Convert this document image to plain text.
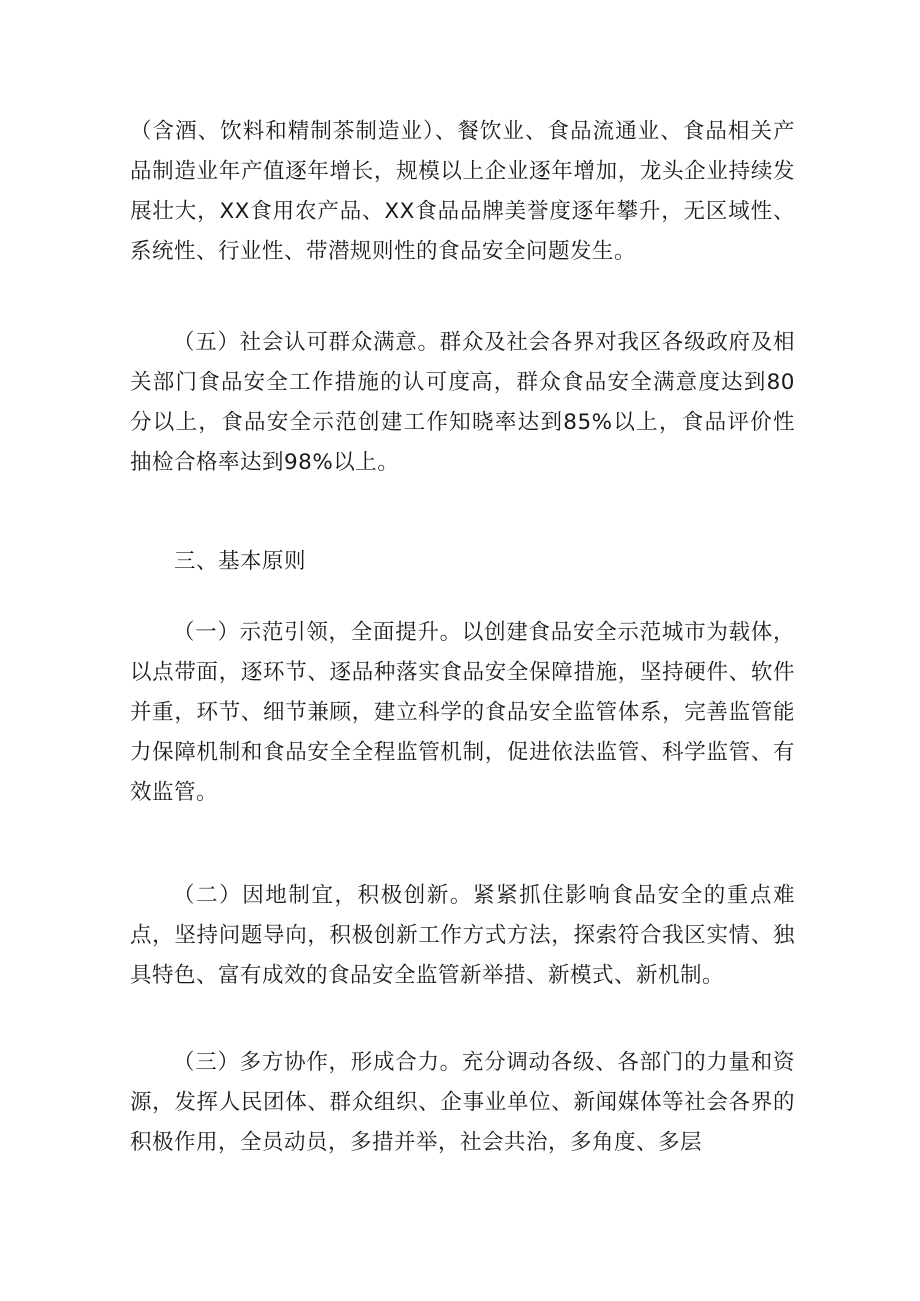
（含酒、饮料和精制茶制造业）、餐饮业、食品流通业、食品相关产品制造业年产值逐年增长，规模以上企业逐年增加，龙头企业持续发展壮大，XX食用农产品、XX食品品牌美誉度逐年攀升，无区域性、系统性、行业性、带潜规则性的食品安全问题发生。

（五）社会认可群众满意。群众及社会各界对我区各级政府及相关部门食品安全工作措施的认可度高，群众食品安全满意度达到80分以上，食品安全示范创建工作知晓率达到85%以上，食品评价性抽检合格率达到98%以上。

三、基本原则

（一）示范引领，全面提升。以创建食品安全示范城市为载体，以点带面，逐环节、逐品种落实食品安全保障措施，坚持硬件、软件并重，环节、细节兼顾，建立科学的食品安全监管体系，完善监管能力保障机制和食品安全全程监管机制，促进依法监管、科学监管、有效监管。

（二）因地制宜，积极创新。紧紧抓住影响食品安全的重点难点，坚持问题导向，积极创新工作方式方法，探索符合我区实情、独具特色、富有成效的食品安全监管新举措、新模式、新机制。

（三）多方协作，形成合力。充分调动各级、各部门的力量和资源，发挥人民团体、群众组织、企事业单位、新闻媒体等社会各界的积极作用，全员动员，多措并举，社会共治，多角度、多层
